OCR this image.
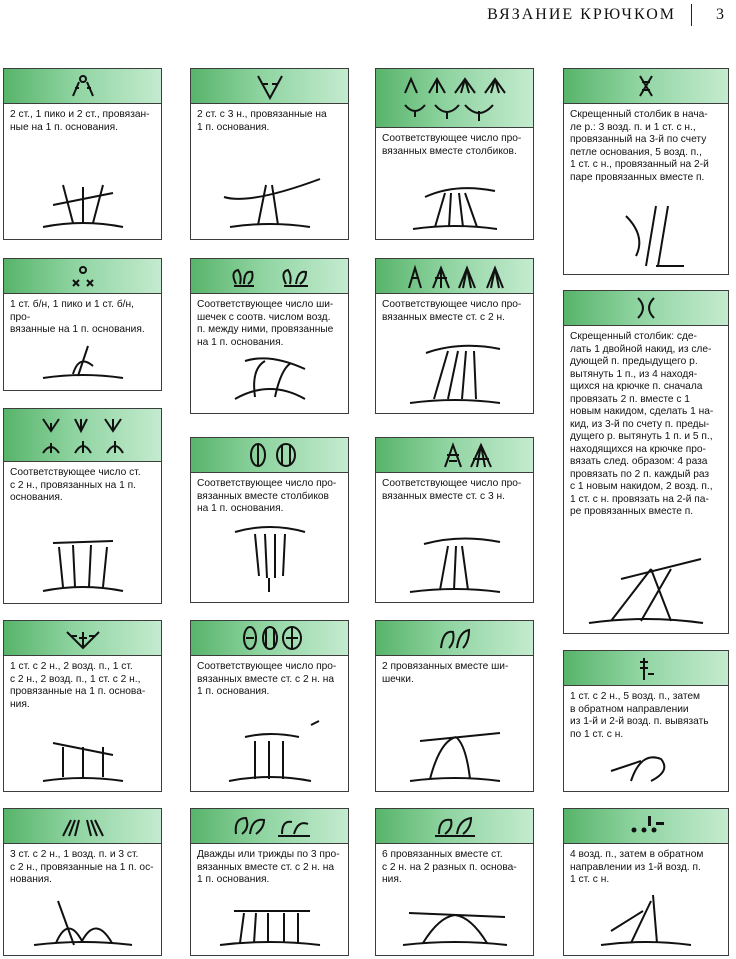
ВЯЗАНИЕ КРЮЧКОМ	3
2 ст., 1 пико и 2 ст., провязан-
ные на 1 п. основания.
1 ст. б/н, 1 пико и 1 ст. б/н, про-
вязанные на 1 п. основания.
Соответствующее число ст.
с 2 н., провязанных на 1 п.
основания.
1 ст. с 2 н., 2 возд. п., 1 ст.
с 2 н., 2 возд. п., 1 ст. с 2 н.,
провязанные на 1 п. основа-
ния.
3 ст. с 2 н., 1 возд. п. и 3 ст.
с 2 н., провязанные на 1 п. ос-
нования.
2 ст. с 3 н., провязанные на
1 п. основания.
Соответствующее число ши-
шечек с соотв. числом возд.
п. между ними, провязанные
на 1 п. основания.
Соответствующее число про-
вязанных вместе столбиков
на 1 п. основания.
Соответствующее число про-
вязанных вместе ст. с 2 н. на
1 п. основания.
Дважды или трижды по 3 про-
вязанных вместе ст. с 2 н. на
1 п. основания.
Соответствующее число про-
вязанных вместе столбиков.
Соответствующее число про-
вязанных вместе ст. с 2 н.
Соответствующее число про-
вязанных вместе ст. с 3 н.
2 провязанных вместе ши-
шечки.
6 провязанных вместе ст.
с 2 н. на 2 разных п. основа-
ния.
Скрещенный столбик в нача-
ле р.: 3 возд. п. и 1 ст. с н.,
провязанный на 3-й по счету
петле основания, 5 возд. п.,
1 ст. с н., провязанный на 2-й
паре провязанных вместе п.
Скрещенный столбик: сде-
лать 1 двойной накид, из сле-
дующей п. предыдущего р.
вытянуть 1 п., из 4 находя-
щихся на крючке п. сначала
провязать 2 п. вместе с 1
новым накидом, сделать 1 на-
кид, из 3-й по счету п. преды-
дущего р. вытянуть 1 п. и 5 п.,
находящихся на крючке про-
вязать след. образом: 4 раза
провязать по 2 п. каждый раз
с 1 новым накидом, 2 возд. п.,
1 ст. с н. провязать на 2-й па-
ре провязанных вместе п.
1 ст. с 2 н., 5 возд. п., затем
в обратном направлении
из 1-й и 2-й возд. п. вывязать
по 1 ст. с н.
4 возд. п., затем в обратном
направлении из 1-й возд. п.
1 ст. с н.
